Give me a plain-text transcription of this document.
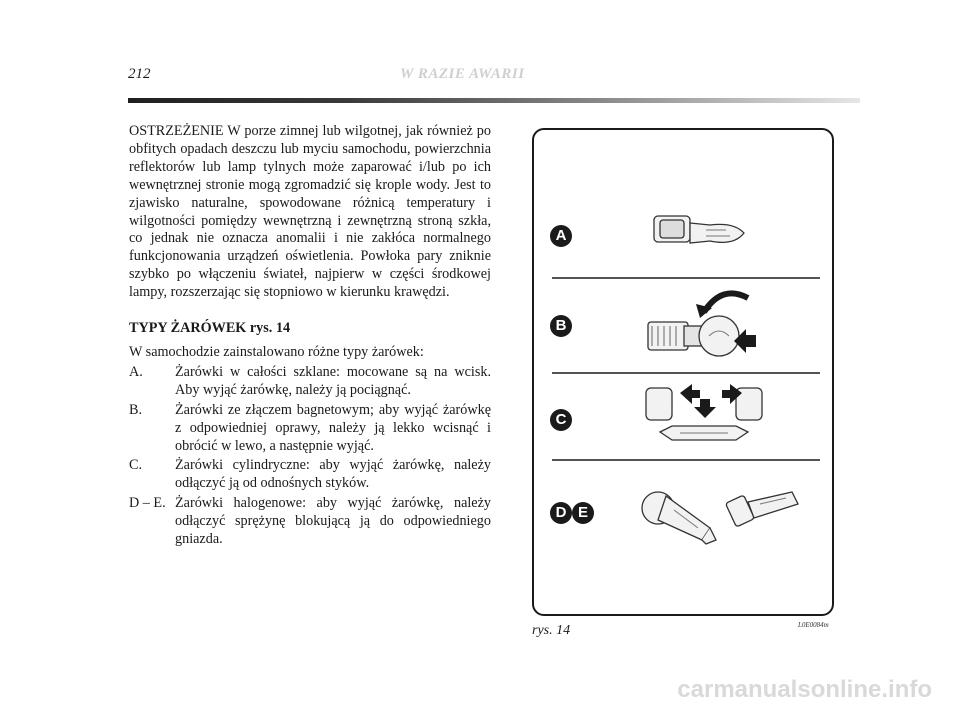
212	W RAZIE AWARII

OSTRZEŻENIE W porze zimnej lub wilgotnej, jak również po obfitych opadach deszczu lub myciu samochodu, powierzchnia reflektorów lub lamp tylnych może zaparować i/lub po ich wewnętrznej stronie mogą zgromadzić się krople wody. Jest to zjawisko naturalne, spowodowane różnicą temperatury i wilgotności pomiędzy wewnętrzną i zewnętrzną stroną szkła, co jednak nie oznacza anomalii i nie zakłóca normalnego funkcjonowania urządzeń oświetlenia. Powłoka pary zniknie szybko po włączeniu świateł, najpierw w części środkowej lampy, rozszerzając się stopniowo w kierunku krawędzi.

TYPY ŻARÓWEK rys. 14

W samochodzie zainstalowano różne typy żarówek:

A.	Żarówki w całości szklane: mocowane są na wcisk. Aby wyjąć żarówkę, należy ją pociągnąć.
B.	Żarówki ze złączem bagnetowym; aby wyjąć żarówkę z odpowiedniej oprawy, należy ją lekko wcisnąć i obrócić w lewo, a następnie wyjąć.
C.	Żarówki cylindryczne: aby wyjąć żarówkę, należy odłączyć ją od odnośnych styków.
D – E. Żarówki halogenowe: aby wyjąć żarówkę, należy odłączyć sprężynę blokującą ją do odpowiedniego gniazda.
A
B
C
D E
rys. 14	L0E0084m
carmanualsonline.info
